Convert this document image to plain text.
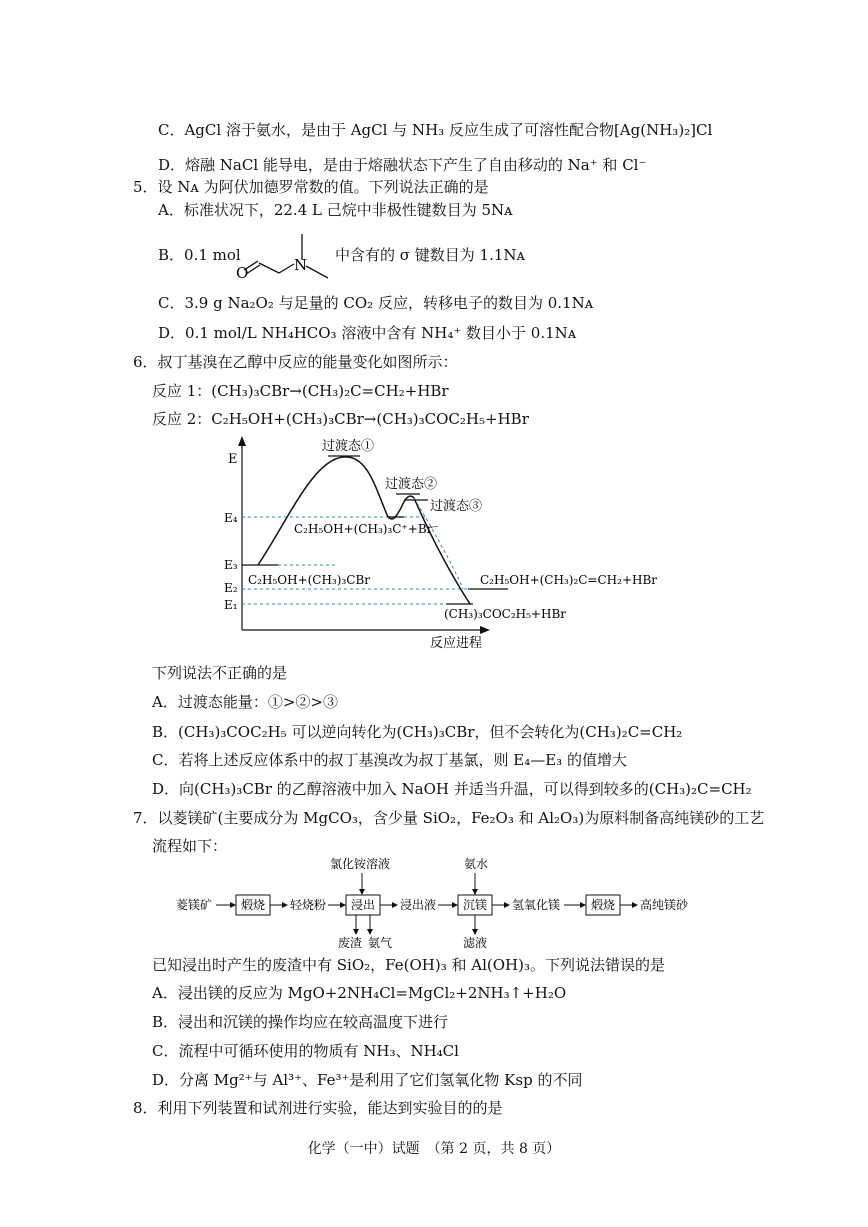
C．AgCl 溶于氨水，是由于 AgCl 与 NH₃ 反应生成了可溶性配合物[Ag(NH₃)₂]Cl
D．熔融 NaCl 能导电，是由于熔融状态下产生了自由移动的 Na⁺ 和 Cl⁻
5．设 Nᴀ 为阿伏加德罗常数的值。下列说法正确的是
A．标准状况下，22.4 L 己烷中非极性键数目为 5Nᴀ
B．0.1 mol
O	N
中含有的 σ 键数目为 1.1Nᴀ
C．3.9 g Na₂O₂ 与足量的 CO₂ 反应，转移电子的数目为 0.1Nᴀ
D．0.1 mol/L NH₄HCO₃ 溶液中含有 NH₄⁺ 数目小于 0.1Nᴀ
6．叔丁基溴在乙醇中反应的能量变化如图所示：
反应 1：(CH₃)₃CBr→(CH₃)₂C=CH₂+HBr
反应 2：C₂H₅OH+(CH₃)₃CBr→(CH₃)₃COC₂H₅+HBr
E
反应进程
E₄
E₃
E₂
E₁
过渡态①
过渡态②
过渡态③
C₂H₅OH+(CH₃)₃C⁺+Br⁻
C₂H₅OH+(CH₃)₃CBr	C₂H₅OH+(CH₃)₂C=CH₂+HBr
(CH₃)₃COC₂H₅+HBr
下列说法不正确的是
A．过渡态能量：①>②>③
B．(CH₃)₃COC₂H₅ 可以逆向转化为(CH₃)₃CBr，但不会转化为(CH₃)₂C=CH₂
C．若将上述反应体系中的叔丁基溴改为叔丁基氯，则 E₄—E₃ 的值增大
D．向(CH₃)₃CBr 的乙醇溶液中加入 NaOH 并适当升温，可以得到较多的(CH₃)₂C=CH₂
7．以菱镁矿(主要成分为 MgCO₃，含少量 SiO₂，Fe₂O₃ 和 Al₂O₃)为原料制备高纯镁砂的工艺
流程如下：
氯化铵溶液	氨水
菱镁矿 煅烧 轻烧粉 浸出 浸出液 沉镁 氢氧化镁	煅烧 高纯镁砂
废渣 氨气	滤液
已知浸出时产生的废渣中有 SiO₂，Fe(OH)₃ 和 Al(OH)₃。下列说法错误的是
A．浸出镁的反应为 MgO+2NH₄Cl=MgCl₂+2NH₃↑+H₂O
B．浸出和沉镁的操作均应在较高温度下进行
C．流程中可循环使用的物质有 NH₃、NH₄Cl
D．分离 Mg²⁺与 Al³⁺、Fe³⁺是利用了它们氢氧化物 Ksp 的不同
8．利用下列装置和试剂进行实验，能达到实验目的的是
化学（一中）试题　（第 2 页，共 8 页）
